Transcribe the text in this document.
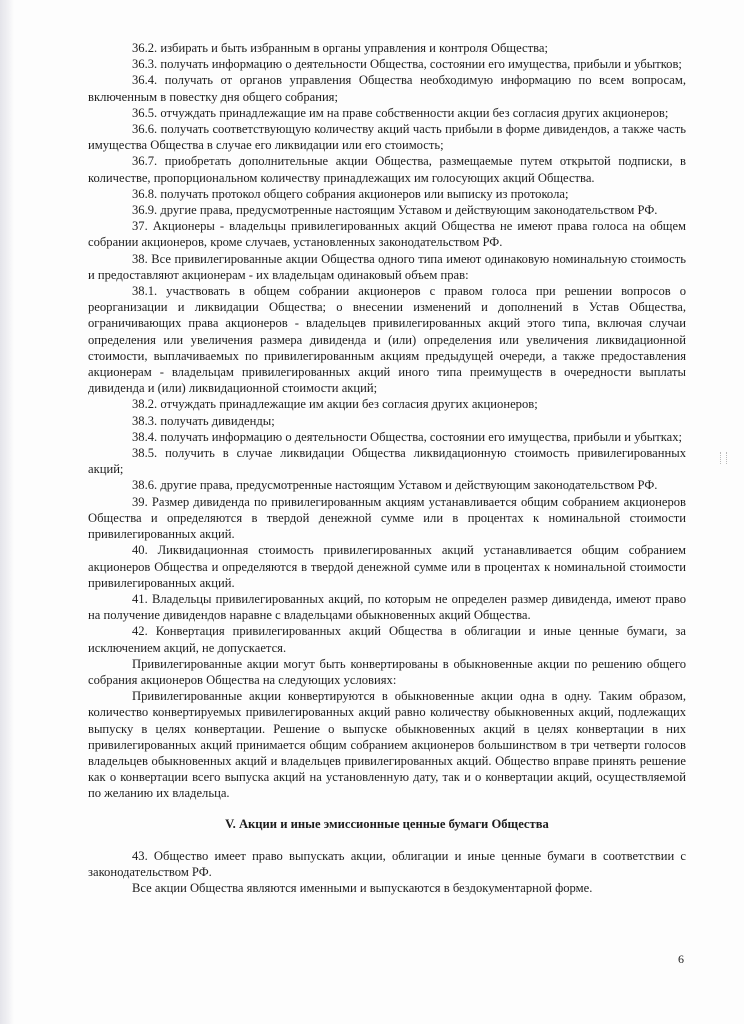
36.2. избирать и быть избранным в органы управления и контроля Общества;

36.3. получать информацию о деятельности Общества, состоянии его имущества, прибыли и убытков;

36.4. получать от органов управления Общества необходимую информацию по всем вопросам, включенным в повестку дня общего собрания;

36.5. отчуждать принадлежащие им на праве собственности акции без согласия других акционеров;

36.6. получать соответствующую количеству акций часть прибыли в форме дивидендов, а также часть имущества Общества в случае его ликвидации или его стоимость;

36.7. приобретать дополнительные акции Общества, размещаемые путем открытой подписки, в количестве, пропорциональном количеству принадлежащих им голосующих акций Общества.

36.8. получать протокол общего собрания акционеров или выписку из протокола;

36.9. другие права, предусмотренные настоящим Уставом и действующим законодательством РФ.

37. Акционеры - владельцы привилегированных акций Общества не имеют права голоса на общем собрании акционеров, кроме случаев, установленных законодательством РФ.

38. Все привилегированные акции Общества одного типа имеют одинаковую номинальную стоимость и предоставляют акционерам - их владельцам одинаковый объем прав:

38.1. участвовать в общем собрании акционеров с правом голоса при решении вопросов о реорганизации и ликвидации Общества; о внесении изменений и дополнений в Устав Общества, ограничивающих права акционеров - владельцев привилегированных акций этого типа, включая случаи определения или увеличения размера дивиденда и (или) определения или увеличения ликвидационной стоимости, выплачиваемых по привилегированным акциям предыдущей очереди, а также предоставления акционерам - владельцам привилегированных акций иного типа преимуществ в очередности выплаты дивиденда и (или) ликвидационной стоимости акций;

38.2. отчуждать принадлежащие им акции без согласия других акционеров;

38.3. получать дивиденды;

38.4. получать информацию о деятельности Общества, состоянии его имущества, прибыли и убытках;

38.5. получить в случае ликвидации Общества ликвидационную стоимость привилегированных акций;

38.6. другие права, предусмотренные настоящим Уставом и действующим законодательством РФ.

39. Размер дивиденда по привилегированным акциям устанавливается общим собранием акционеров Общества и определяются в твердой денежной сумме или в процентах к номинальной стоимости привилегированных акций.

40. Ликвидационная стоимость привилегированных акций устанавливается общим собранием акционеров Общества и определяются в твердой денежной сумме или в процентах к номинальной стоимости привилегированных акций.

41. Владельцы привилегированных акций, по которым не определен размер дивиденда, имеют право на получение дивидендов наравне с владельцами обыкновенных акций Общества.

42. Конвертация привилегированных акций Общества в облигации и иные ценные бумаги, за исключением акций, не допускается.

Привилегированные акции могут быть конвертированы в обыкновенные акции по решению общего собрания акционеров Общества на следующих условиях:

Привилегированные акции конвертируются в обыкновенные акции одна в одну. Таким образом, количество конвертируемых привилегированных акций равно количеству обыкновенных акций, подлежащих выпуску в целях конвертации. Решение о выпуске обыкновенных акций в целях конвертации в них привилегированных акций принимается общим собранием акционеров большинством в три четверти голосов владельцев обыкновенных акций и владельцев привилегированных акций. Общество вправе принять решение как о конвертации всего выпуска акций на установленную дату, так и о конвертации акций, осуществляемой по желанию их владельца.

V. Акции и иные эмиссионные ценные бумаги Общества

43. Общество имеет право выпускать акции, облигации и иные ценные бумаги в соответствии с законодательством РФ.

Все акции Общества являются именными и выпускаются в бездокументарной форме.

6
